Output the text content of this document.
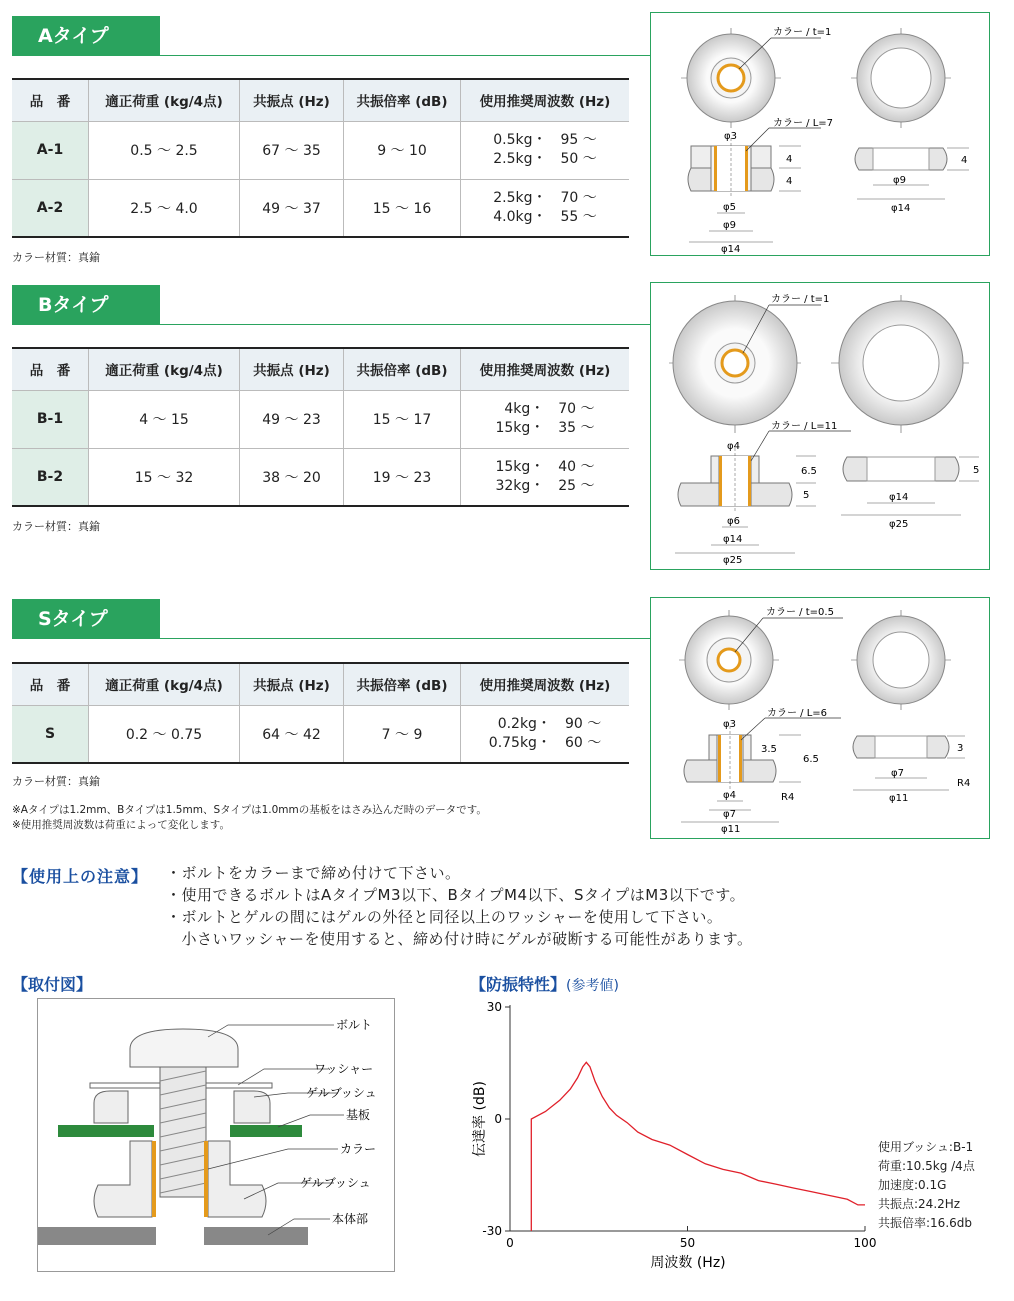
Aタイプ
品　番	適正荷重 (kg/4点)	共振点 (Hz)	共振倍率 (dB)	使用推奨周波数 (Hz)
A-1	0.5 〜 2.5	67 〜 35	9 〜 10	0.5kg・　95 〜
2.5kg・　50 〜
A-2	2.5 〜 4.0	49 〜 37	15 〜 16	2.5kg・　70 〜
4.0kg・　55 〜
カラー材質：真鍮
カラー / t=1
カラー / L=7
φ3
4
4
φ5
φ9
φ14
4
φ9
φ14
Bタイプ
品　番	適正荷重 (kg/4点)	共振点 (Hz)	共振倍率 (dB)	使用推奨周波数 (Hz)
B-1	4 〜 15	49 〜 23	15 〜 17	4kg・　70 〜
15kg・　35 〜
B-2	15 〜 32	38 〜 20	19 〜 23	15kg・　40 〜
32kg・　25 〜
カラー材質：真鍮
カラー / t=1
カラー / L=11
φ4
6.5
5
φ6
φ14
φ25
5
φ14
φ25
Sタイプ
品　番	適正荷重 (kg/4点)	共振点 (Hz)	共振倍率 (dB)	使用推奨周波数 (Hz)
S	0.2 〜 0.75	64 〜 42	7 〜 9	0.2kg・　90 〜
0.75kg・　60 〜
カラー材質：真鍮
※Aタイプは1.2mm、Bタイプは1.5mm、Sタイプは1.0mmの基板をはさみ込んだ時のデータです。
※使用推奨周波数は荷重によって変化します。
カラー / t=0.5
カラー / L=6
φ3
3.5
6.5
R4
φ4
φ7
φ11
3
R4
φ7
φ11
【使用上の注意】 ・ボルトをカラーまで締め付けて下さい。
・使用できるボルトはAタイプM3以下、BタイプM4以下、SタイプはM3以下です。
・ボルトとゲルの間にはゲルの外径と同径以上のワッシャーを使用して下さい。
　小さいワッシャーを使用すると、締め付け時にゲルが破断する可能性があります。
【取付図】
ボルト
ワッシャー
ゲルブッシュ
基板
カラー
ゲルブッシュ
本体部
【防振特性】(参考値)
30
0
-30
0	50	100
伝達率 (dB)
周波数 (Hz)
使用ブッシュ:B-1
荷重:10.5kg /4点
加速度:0.1G
共振点:24.2Hz
共振倍率:16.6db
